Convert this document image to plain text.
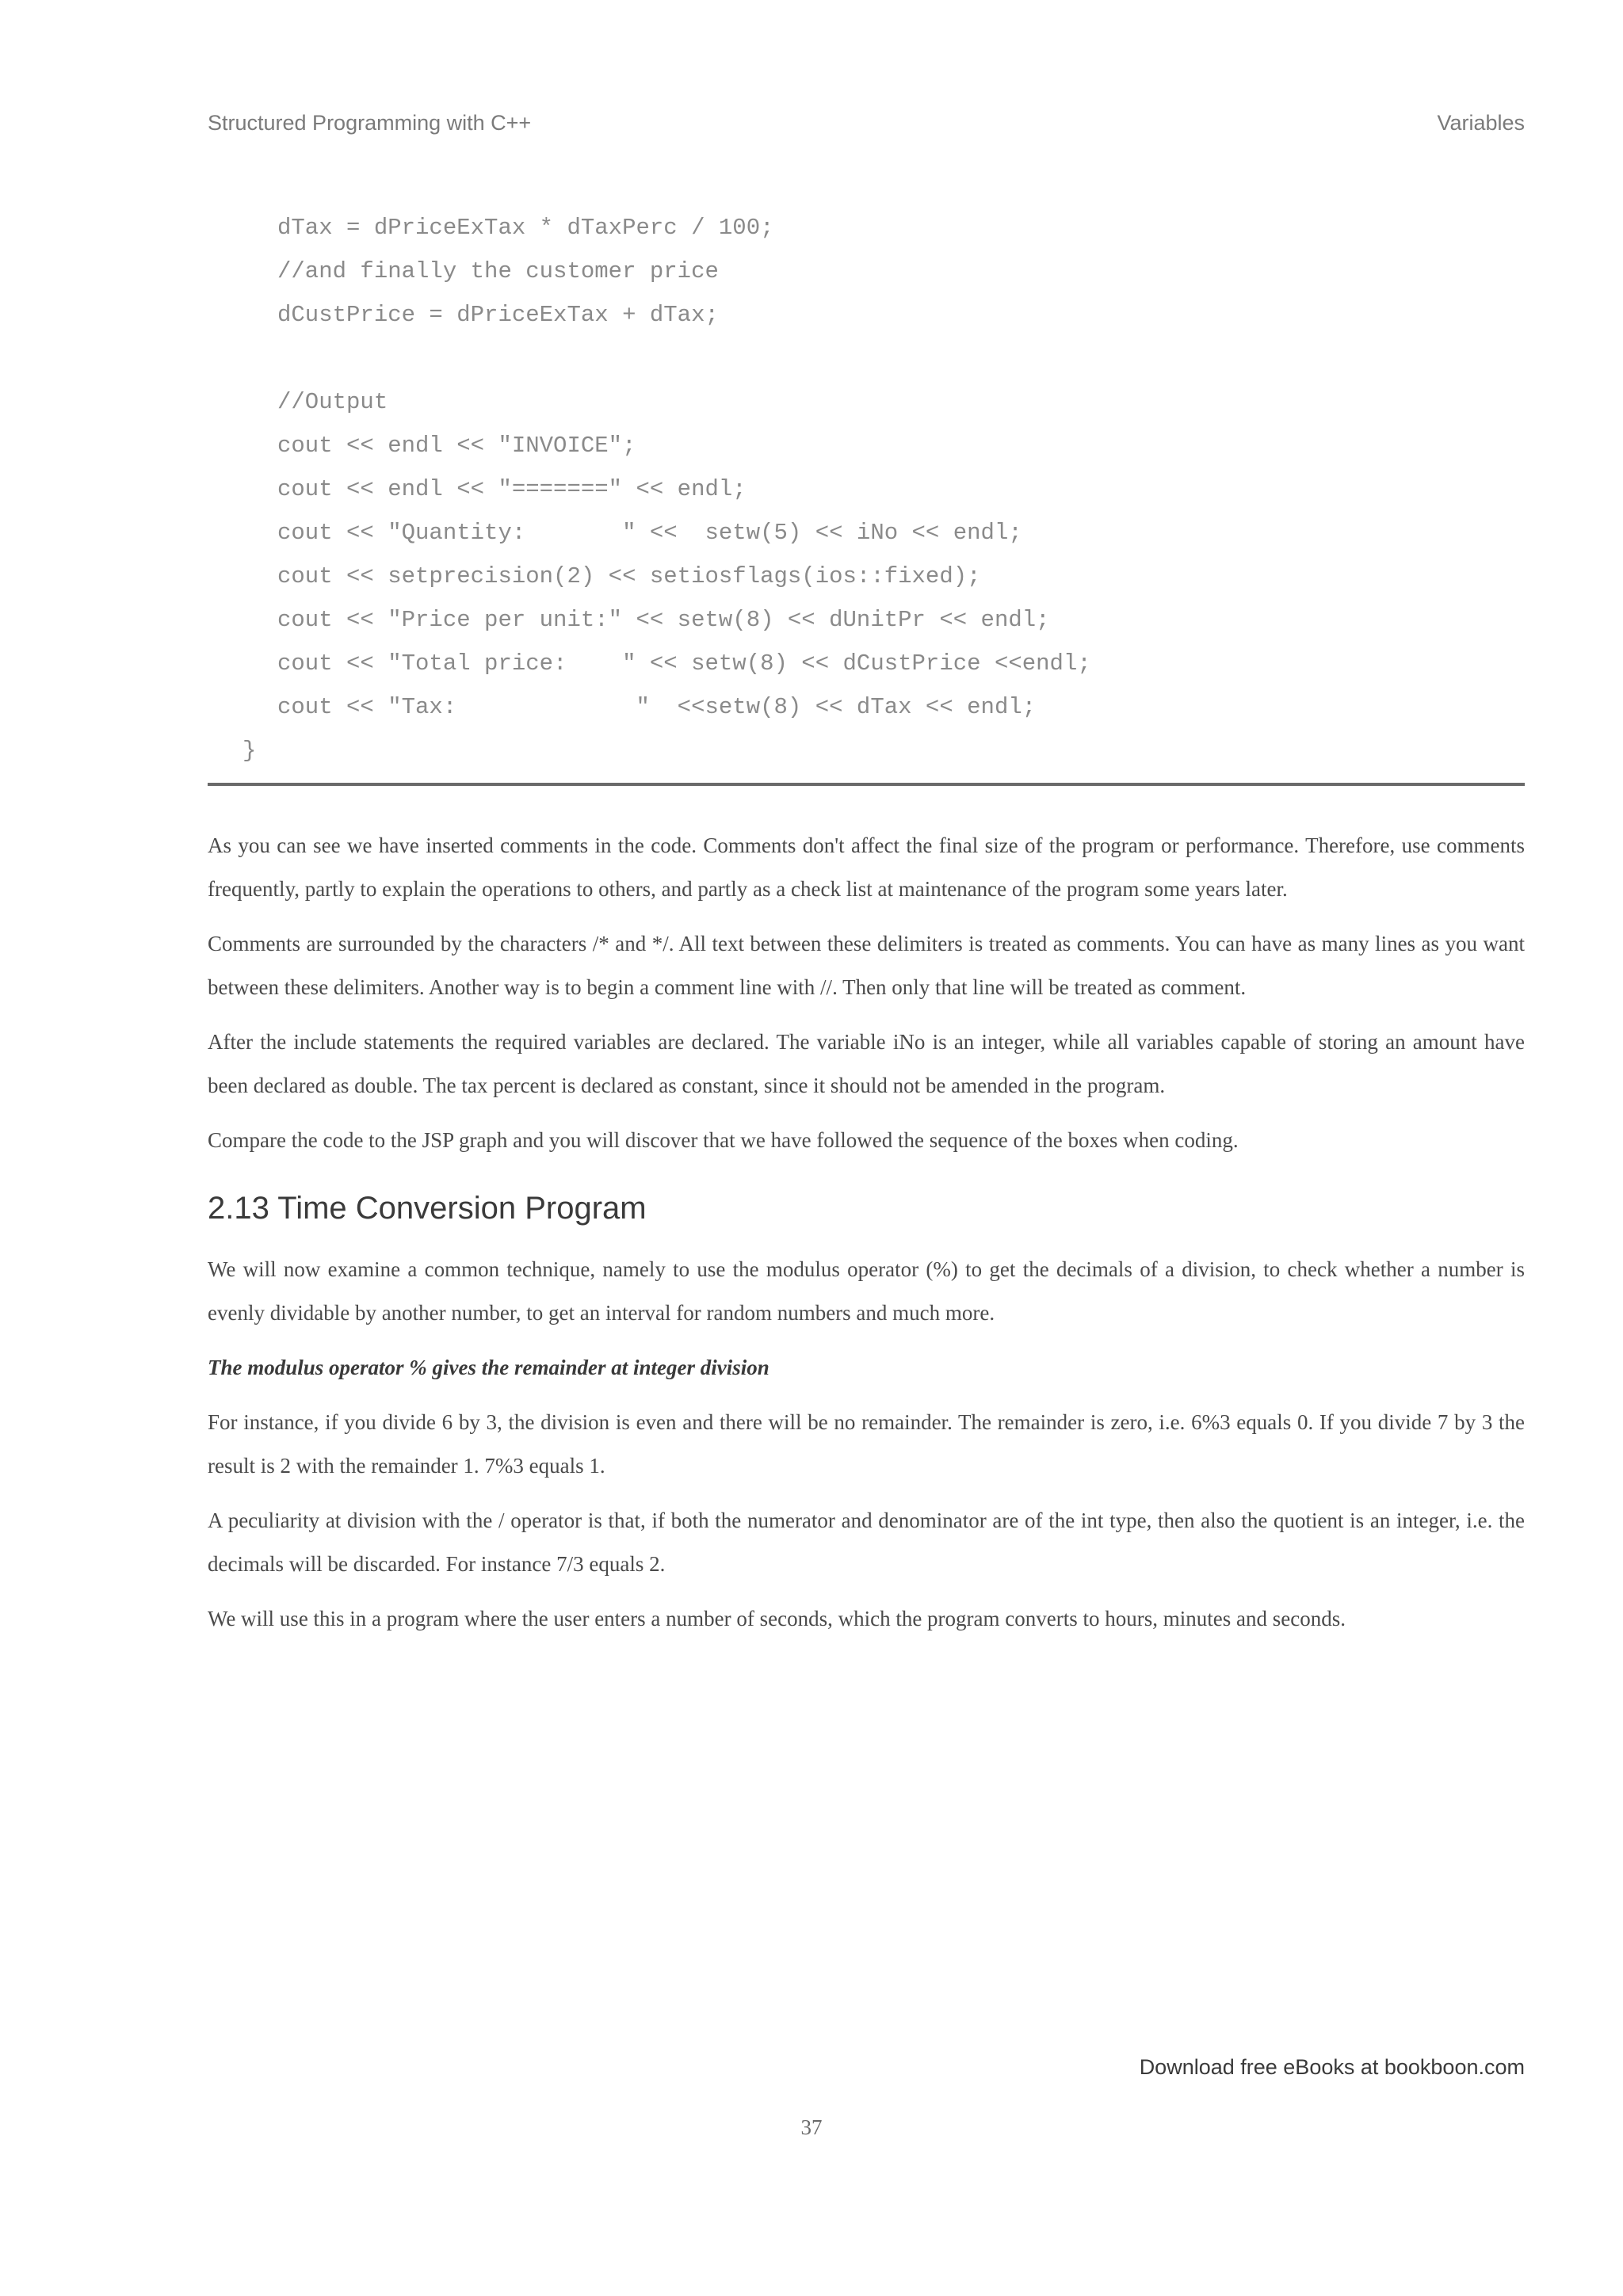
Structured Programming with C++	Variables
dTax = dPriceExTax * dTaxPerc / 100;
//and finally the customer price
dCustPrice = dPriceExTax + dTax;
//Output
cout << endl << "INVOICE";
cout << endl << "=======" << endl;
cout << "Quantity:       " <<  setw(5) << iNo << endl;
cout << setprecision(2) << setiosflags(ios::fixed);
cout << "Price per unit:" << setw(8) << dUnitPr << endl;
cout << "Total price:    " << setw(8) << dCustPrice <<endl;
cout << "Tax:             "  <<setw(8) << dTax << endl;
}

As you can see we have inserted comments in the code. Comments don't affect the final size of the program or performance. Therefore, use comments frequently, partly to explain the operations to others, and partly as a check list at maintenance of the program some years later.

Comments are surrounded by the characters /* and */. All text between these delimiters is treated as comments. You can have as many lines as you want between these delimiters. Another way is to begin a comment line with //. Then only that line will be treated as comment.

After the include statements the required variables are declared. The variable iNo is an integer, while all variables capable of storing an amount have been declared as double. The tax percent is declared as constant, since it should not be amended in the program.

Compare the code to the JSP graph and you will discover that we have followed the sequence of the boxes when coding.

2.13 Time Conversion Program

We will now examine a common technique, namely to use the modulus operator (%) to get the decimals of a division, to check whether a number is evenly dividable by another number, to get an interval for random numbers and much more.

The modulus operator % gives the remainder at integer division

For instance, if you divide 6 by 3, the division is even and there will be no remainder. The remainder is zero, i.e. 6%3 equals 0. If you divide 7 by 3 the result is 2 with the remainder 1. 7%3 equals 1.

A peculiarity at division with the / operator is that, if both the numerator and denominator are of the int type, then also the quotient is an integer, i.e. the decimals will be discarded. For instance 7/3 equals 2.

We will use this in a program where the user enters a number of seconds, which the program converts to hours, minutes and seconds.

Download free eBooks at bookboon.com
37
